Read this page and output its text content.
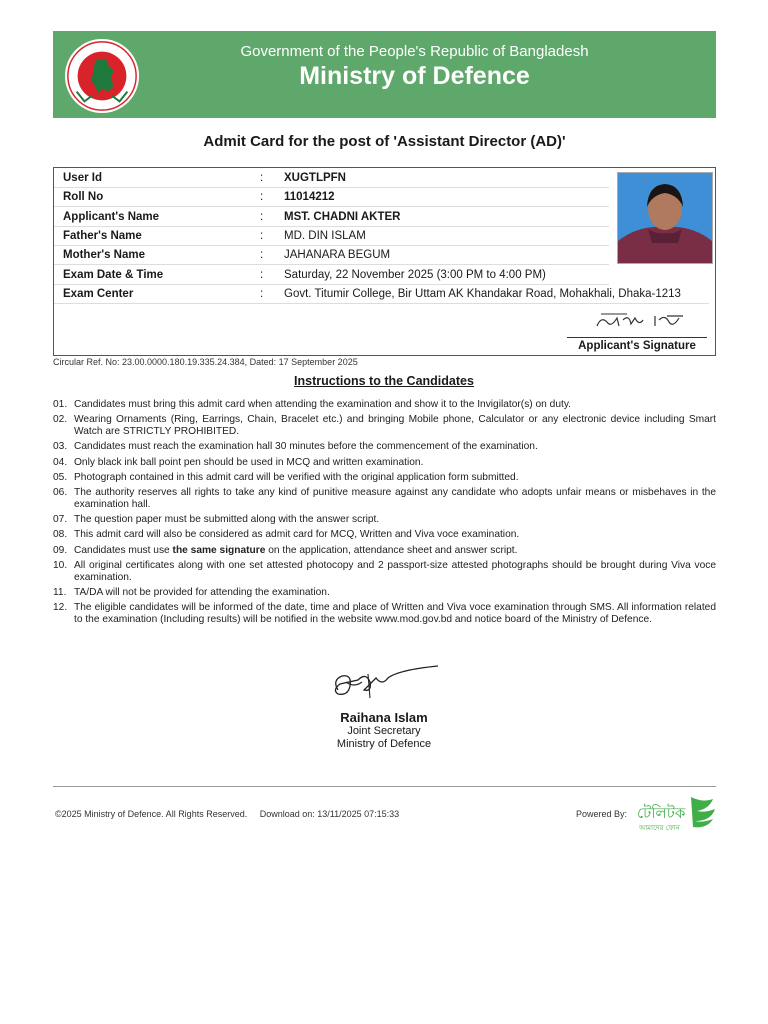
Government of the People's Republic of Bangladesh
Ministry of Defence
Admit Card for the post of 'Assistant Director (AD)'
User Id	: XUGTLPFN
Roll No	: 11014212
Applicant's Name	: MST. CHADNI AKTER
Father's Name	: MD. DIN ISLAM
Mother's Name	: JAHANARA BEGUM
Exam Date & Time	: Saturday, 22 November 2025 (3:00 PM to 4:00 PM)
Exam Center	: Govt. Titumir College, Bir Uttam AK Khandakar Road, Mohakhali, Dhaka-1213
Applicant's Signature
Circular Ref. No: 23.00.0000.180.19.335.24.384, Dated: 17 September 2025
Instructions to the Candidates
01. Candidates must bring this admit card when attending the examination and show it to the Invigilator(s) on duty.
02. Wearing Ornaments (Ring, Earrings, Chain, Bracelet etc.) and bringing Mobile phone, Calculator or any electronic device including Smart Watch are STRICTLY PROHIBITED.
03. Candidates must reach the examination hall 30 minutes before the commencement of the examination.
04. Only black ink ball point pen should be used in MCQ and written examination.
05. Photograph contained in this admit card will be verified with the original application form submitted.
06. The authority reserves all rights to take any kind of punitive measure against any candidate who adopts unfair means or misbehaves in the examination hall.
07. The question paper must be submitted along with the answer script.
08. This admit card will also be considered as admit card for MCQ, Written and Viva voce examination.
09. Candidates must use the same signature on the application, attendance sheet and answer script.
10. All original certificates along with one set attested photocopy and 2 passport-size attested photographs should be brought during Viva voce examination.
11. TA/DA will not be provided for attending the examination.
12. The eligible candidates will be informed of the date, time and place of Written and Viva voce examination through SMS. All information related to the examination (Including results) will be notified in the website www.mod.gov.bd and notice board of the Ministry of Defence.
Raihana Islam
Joint Secretary
Ministry of Defence
©2025 Ministry of Defence. All Rights Reserved. Download on: 13/11/2025 07:15:33	Powered By: টেলিটক
আমাদের ফোন
